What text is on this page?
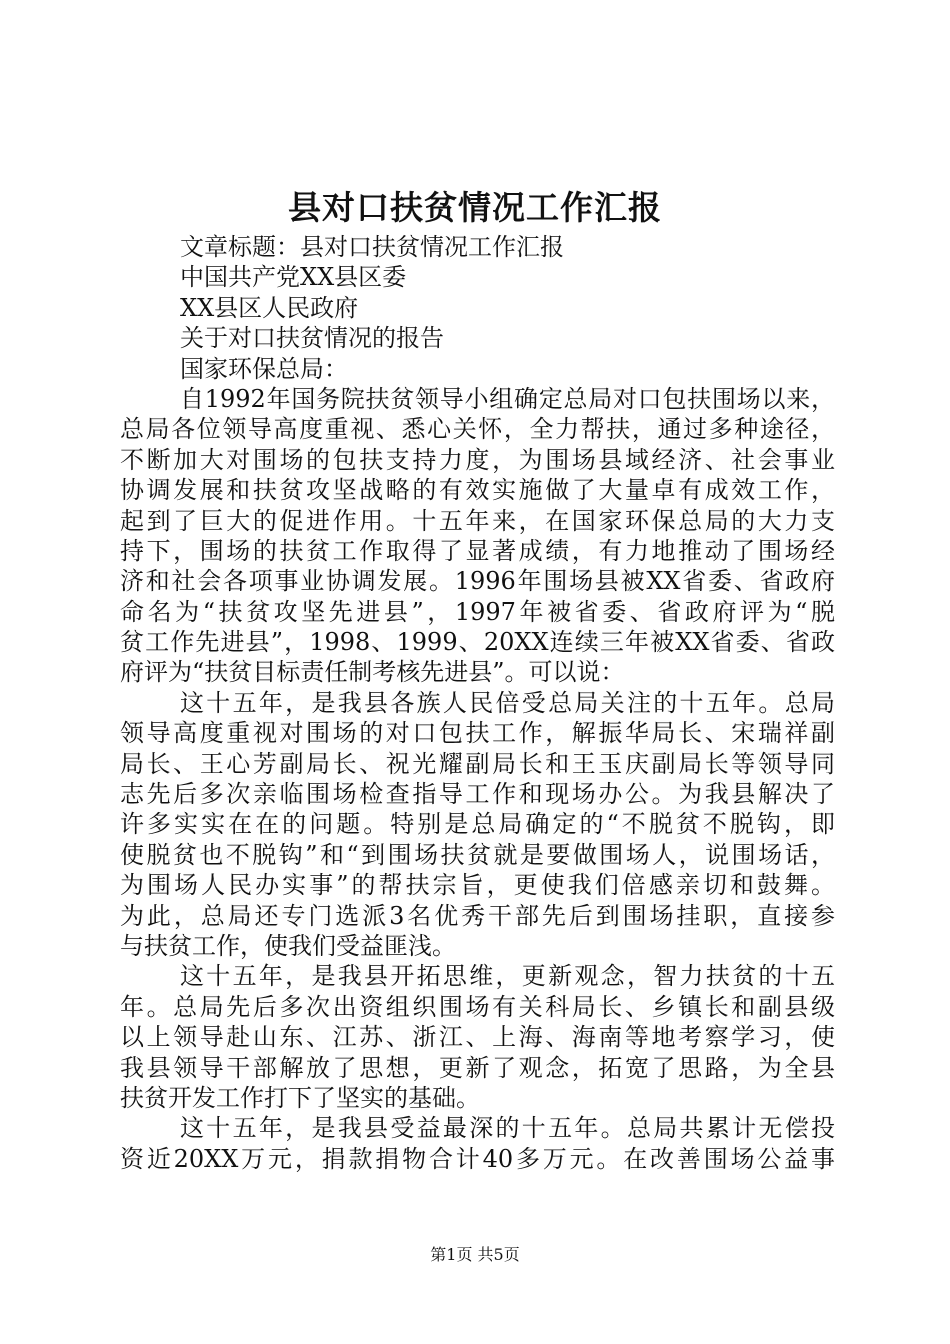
县对口扶贫情况工作汇报
文章标题：县对口扶贫情况工作汇报
中国共产党XX县区委
XX县区人民政府
关于对口扶贫情况的报告
国家环保总局：
自1992年国务院扶贫领导小组确定总局对口包扶围场以来，
总局各位领导高度重视、悉心关怀，全力帮扶，通过多种途径，
不断加大对围场的包扶支持力度，为围场县域经济、社会事业
协调发展和扶贫攻坚战略的有效实施做了大量卓有成效工作，
起到了巨大的促进作用。十五年来，在国家环保总局的大力支
持下，围场的扶贫工作取得了显著成绩，有力地推动了围场经
济和社会各项事业协调发展。1996年围场县被XX省委、省政府
命名为“扶贫攻坚先进县”，1997年被省委、省政府评为“脱
贫工作先进县”，1998、1999、20XX连续三年被XX省委、省政
府评为“扶贫目标责任制考核先进县”。可以说：
这十五年，是我县各族人民倍受总局关注的十五年。总局
领导高度重视对围场的对口包扶工作，解振华局长、宋瑞祥副
局长、王心芳副局长、祝光耀副局长和王玉庆副局长等领导同
志先后多次亲临围场检查指导工作和现场办公。为我县解决了
许多实实在在的问题。特别是总局确定的“不脱贫不脱钩，即
使脱贫也不脱钩”和“到围场扶贫就是要做围场人，说围场话，
为围场人民办实事”的帮扶宗旨，更使我们倍感亲切和鼓舞。
为此，总局还专门选派3名优秀干部先后到围场挂职，直接参
与扶贫工作，使我们受益匪浅。
这十五年，是我县开拓思维，更新观念，智力扶贫的十五
年。总局先后多次出资组织围场有关科局长、乡镇长和副县级
以上领导赴山东、江苏、浙江、上海、海南等地考察学习，使
我县领导干部解放了思想，更新了观念，拓宽了思路，为全县
扶贫开发工作打下了坚实的基础。
这十五年，是我县受益最深的十五年。总局共累计无偿投
资近20XX万元，捐款捐物合计40多万元。在改善围场公益事
第1页 共5页
